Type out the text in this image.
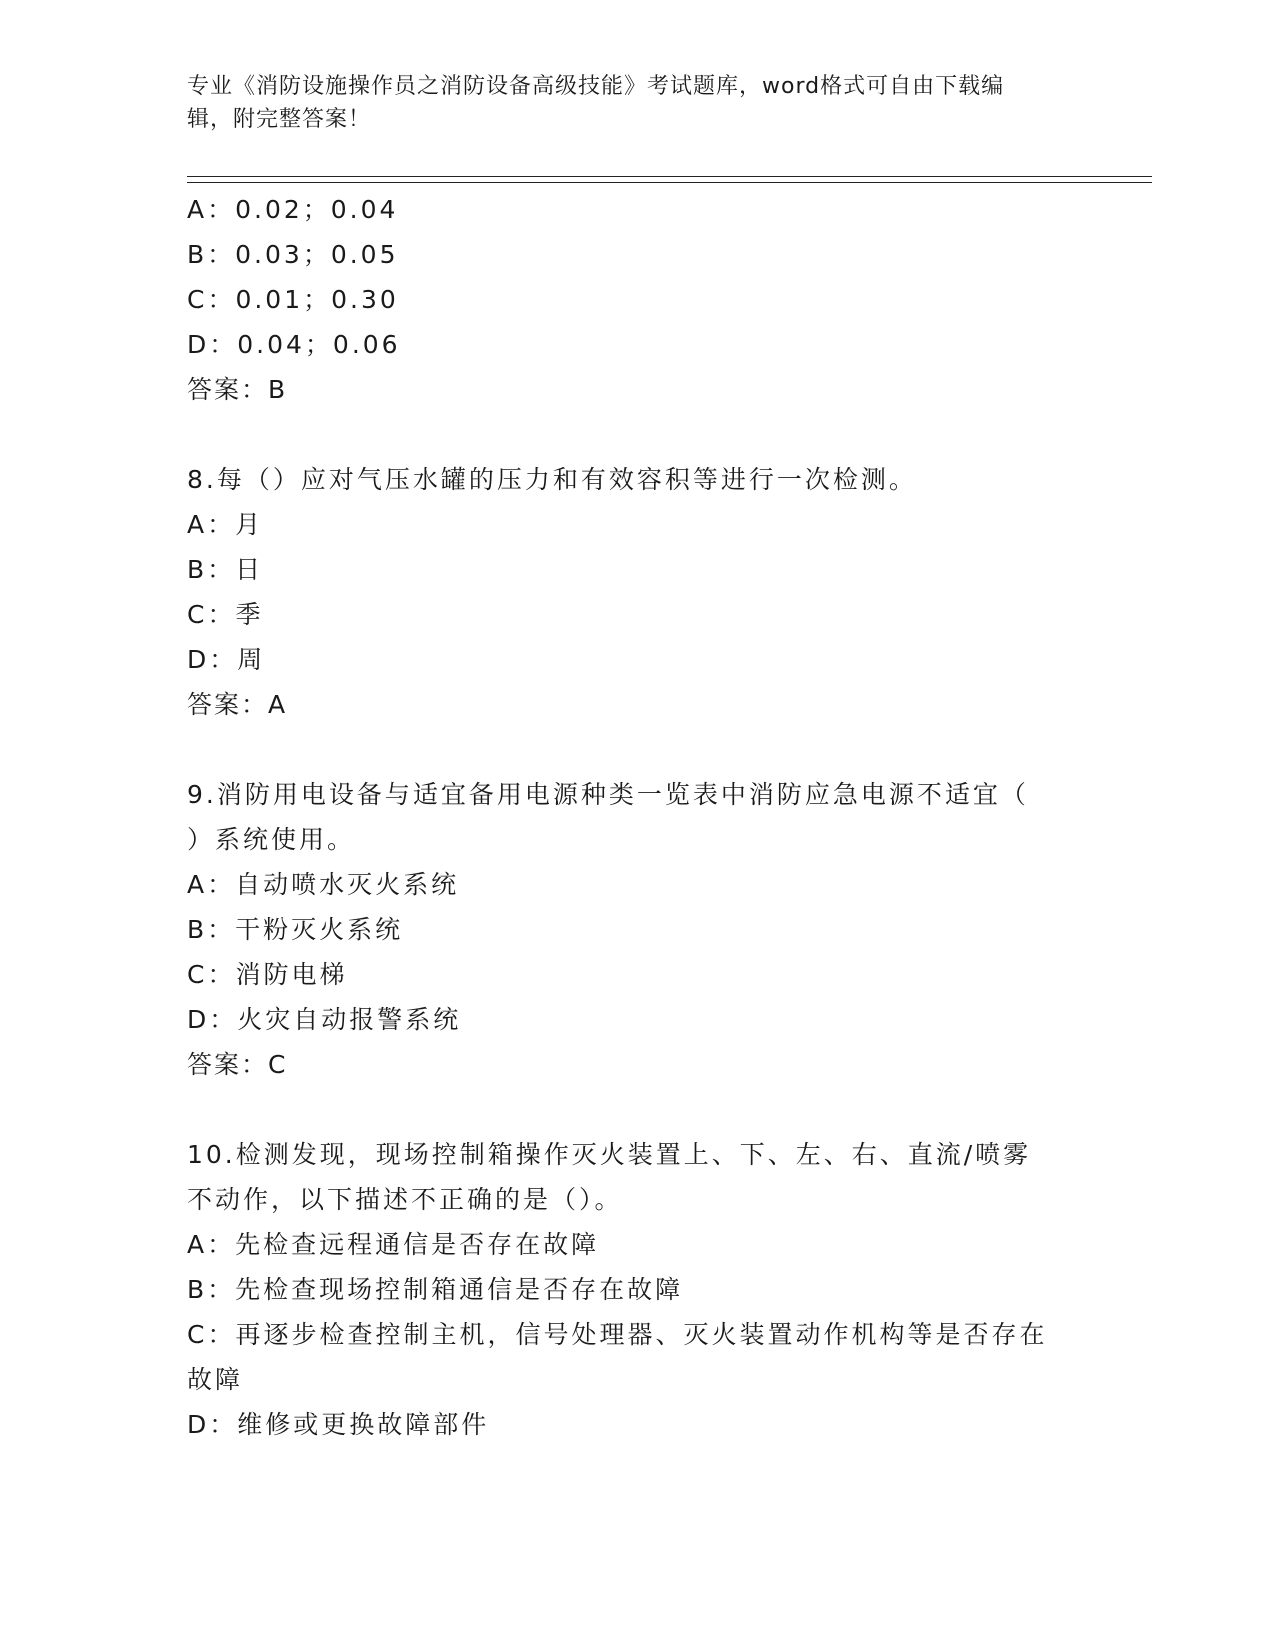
专业《消防设施操作员之消防设备高级技能》考试题库，word格式可自由下载编
辑，附完整答案！
A：0.02；0.04
B：0.03；0.05
C：0.01；0.30
D：0.04；0.06
答案：B
8.每（）应对气压水罐的压力和有效容积等进行一次检测。
A：月
B：日
C：季
D：周
答案：A
9.消防用电设备与适宜备用电源种类一览表中消防应急电源不适宜（
）系统使用。
A：自动喷水灭火系统
B：干粉灭火系统
C：消防电梯
D：火灾自动报警系统
答案：C
10.检测发现，现场控制箱操作灭火装置上、下、左、右、直流/喷雾
不动作，以下描述不正确的是（）。
A：先检查远程通信是否存在故障
B：先检查现场控制箱通信是否存在故障
C：再逐步检查控制主机，信号处理器、灭火装置动作机构等是否存在
故障
D：维修或更换故障部件
